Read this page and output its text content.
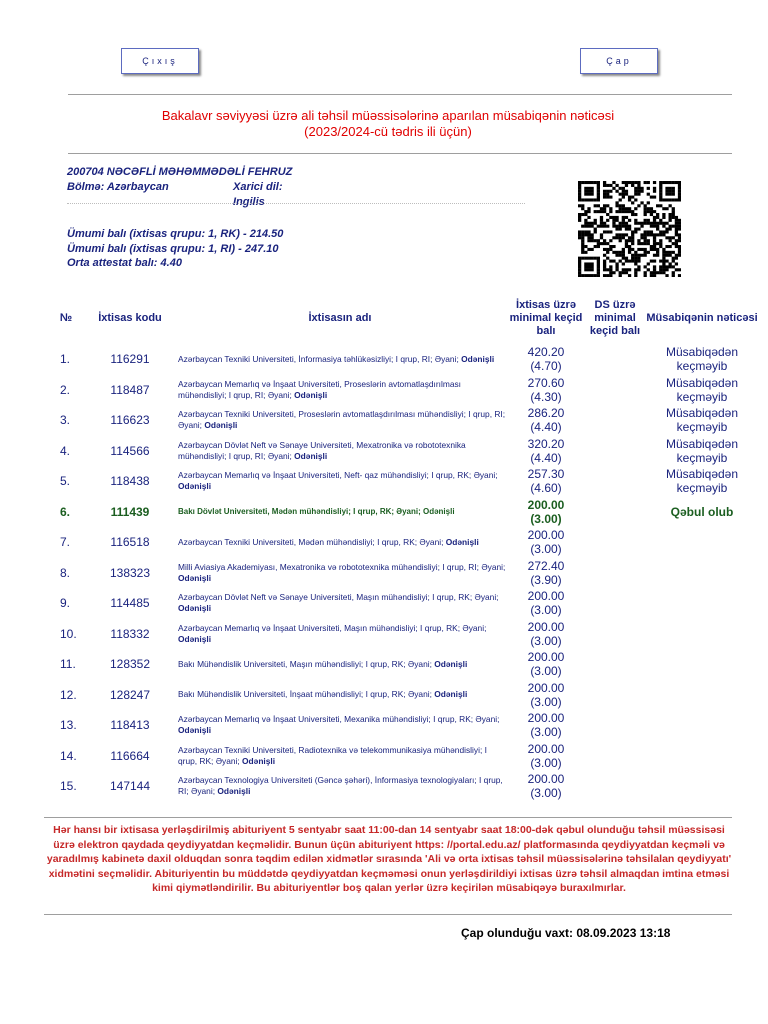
Çıxış	Çap
Bakalavr səviyyəsi üzrə ali təhsil müəssisələrinə aparılan müsabiqənin nəticəsi
(2023/2024-cü tədris ili üçün)
200704 NƏCƏFLİ MƏHƏMMƏDƏLİ FEHRUZ
Bölmə: Azərbaycan	Xarici dil: Ingilis
Ümumi balı (ixtisas qrupu: 1, RK) - 214.50
Ümumi balı (ixtisas qrupu: 1, RI) - 247.10
Orta attestat balı: 4.40
№	İxtisas kodu	İxtisasın adı	İxtisas üzrə minimal keçid balı	DS üzrə minimal keçid balı	Müsabiqənin nəticəsi
1.	116291	Azərbaycan Texniki Universiteti, İnformasiya təhlükəsizliyi; I qrup, RI; Əyani; Odənişli	420.20
(4.70)		Müsabiqədən keçməyib
2.	118487	Azərbaycan Memarlıq və İnşaat Universiteti, Proseslərin avtomatlaşdırılması mühəndisliyi; I qrup, RI; Əyani; Odənişli	270.60
(4.30)		Müsabiqədən keçməyib
3.	116623	Azərbaycan Texniki Universiteti, Proseslərin avtomatlaşdırılması mühəndisliyi; I qrup, RI; Əyani; Odənişli	286.20
(4.40)		Müsabiqədən keçməyib
4.	114566	Azərbaycan Dövlət Neft və Sənaye Universiteti, Mexatronika və robototexnika mühəndisliyi; I qrup, RI; Əyani; Odənişli	320.20
(4.40)		Müsabiqədən keçməyib
5.	118438	Azərbaycan Memarlıq və İnşaat Universiteti, Neft- qaz mühəndisliyi; I qrup, RK; Əyani; Odənişli	257.30
(4.60)		Müsabiqədən keçməyib
6.	111439	Bakı Dövlət Universiteti, Mədən mühəndisliyi; I qrup, RK; Əyani; Odənişli	200.00
(3.00)		Qəbul olub
7.	116518	Azərbaycan Texniki Universiteti, Mədən mühəndisliyi; I qrup, RK; Əyani; Odənişli	200.00
(3.00)		

8.	138323	Milli Aviasiya Akademiyası, Mexatronika və robototexnika mühəndisliyi; I qrup, RI; Əyani; Odənişli	272.40
(3.90)		

9.	114485	Azərbaycan Dövlət Neft və Sənaye Universiteti, Maşın mühəndisliyi; I qrup, RK; Əyani; Odənişli	200.00
(3.00)		

10.	118332	Azərbaycan Memarlıq və İnşaat Universiteti, Maşın mühəndisliyi; I qrup, RK; Əyani; Odənişli	200.00
(3.00)		

11.	128352	Bakı Mühəndislik Universiteti, Maşın mühəndisliyi; I qrup, RK; Əyani; Odənişli	200.00
(3.00)		

12.	128247	Bakı Mühəndislik Universiteti, İnşaat mühəndisliyi; I qrup, RK; Əyani; Odənişli	200.00
(3.00)		

13.	118413	Azərbaycan Memarlıq və İnşaat Universiteti, Mexanika mühəndisliyi; I qrup, RK; Əyani; Odənişli	200.00
(3.00)		

14.	116664	Azərbaycan Texniki Universiteti, Radiotexnika və telekommunikasiya mühəndisliyi; I qrup, RK; Əyani; Odənişli	200.00
(3.00)		

15.	147144	Azərbaycan Texnologiya Universiteti (Gəncə şəhəri), İnformasiya texnologiyaları; I qrup, RI; Əyani; Odənişli	200.00
(3.00)		

Hər hansı bir ixtisasa yerləşdirilmiş abituriyent 5 sentyabr saat 11:00-dan 14 sentyabr saat 18:00-dək qəbul olunduğu təhsil müəssisəsi üzrə elektron qaydada qeydiyyatdan keçməlidir. Bunun üçün abituriyent https: //portal.edu.az/ platformasında qeydiyyatdan keçməli və yaradılmış kabinetə daxil olduqdan sonra təqdim edilən xidmətlər sırasında 'Ali və orta ixtisas təhsil müəssisələrinə təhsilalan qeydiyyatı' xidmətini seçməlidir. Abituriyentin bu müddətdə qeydiyyatdan keçməməsi onun yerləşdirildiyi ixtisas üzrə təhsil almaqdan imtina etməsi kimi qiymətləndirilir. Bu abituriyentlər boş qalan yerlər üzrə keçirilən müsabiqəyə buraxılmırlar.
Çap olunduğu vaxt: 08.09.2023 13:18
